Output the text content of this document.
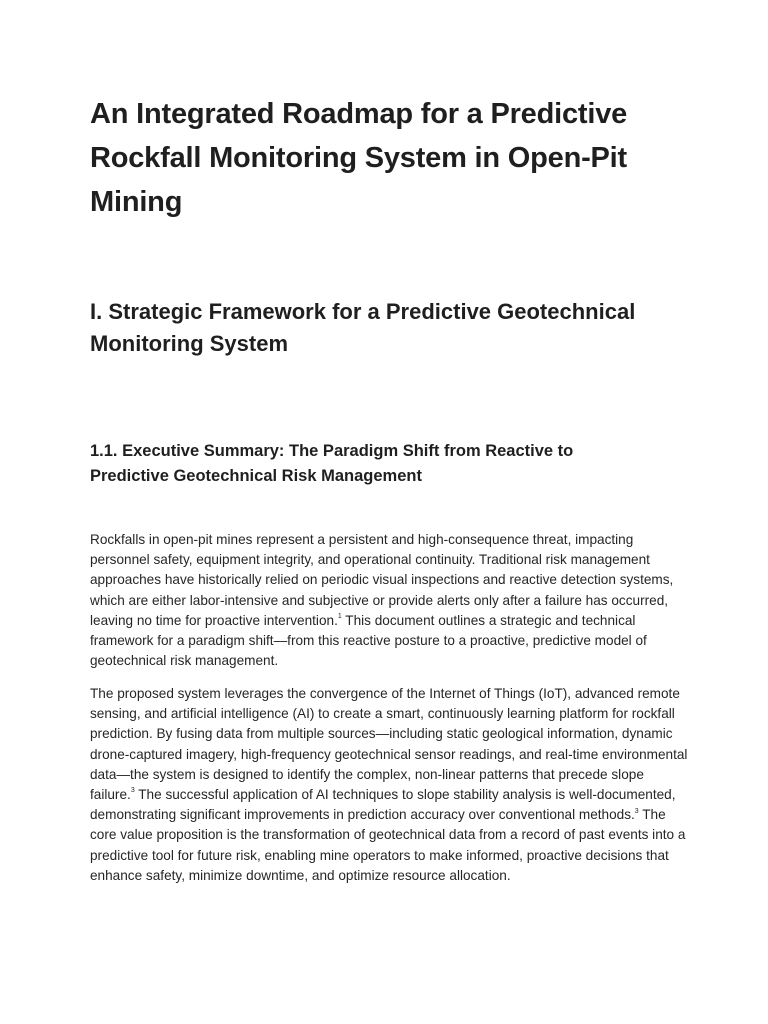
An Integrated Roadmap for a Predictive Rockfall Monitoring System in Open-Pit Mining
I. Strategic Framework for a Predictive Geotechnical Monitoring System
1.1. Executive Summary: The Paradigm Shift from Reactive to Predictive Geotechnical Risk Management

Rockfalls in open-pit mines represent a persistent and high-consequence threat, impacting personnel safety, equipment integrity, and operational continuity. Traditional risk management approaches have historically relied on periodic visual inspections and reactive detection systems, which are either labor-intensive and subjective or provide alerts only after a failure has occurred, leaving no time for proactive intervention.$^1$ This document outlines a strategic and technical framework for a paradigm shift—from this reactive posture to a proactive, predictive model of geotechnical risk management.

The proposed system leverages the convergence of the Internet of Things (IoT), advanced remote sensing, and artificial intelligence (AI) to create a smart, continuously learning platform for rockfall prediction. By fusing data from multiple sources—including static geological information, dynamic drone-captured imagery, high-frequency geotechnical sensor readings, and real-time environmental data—the system is designed to identify the complex, non-linear patterns that precede slope failure.$^3$ The successful application of AI techniques to slope stability analysis is well-documented, demonstrating significant improvements in prediction accuracy over conventional methods.$^3$ The core value proposition is the transformation of geotechnical data from a record of past events into a predictive tool for future risk, enabling mine operators to make informed, proactive decisions that enhance safety, minimize downtime, and optimize resource allocation.
